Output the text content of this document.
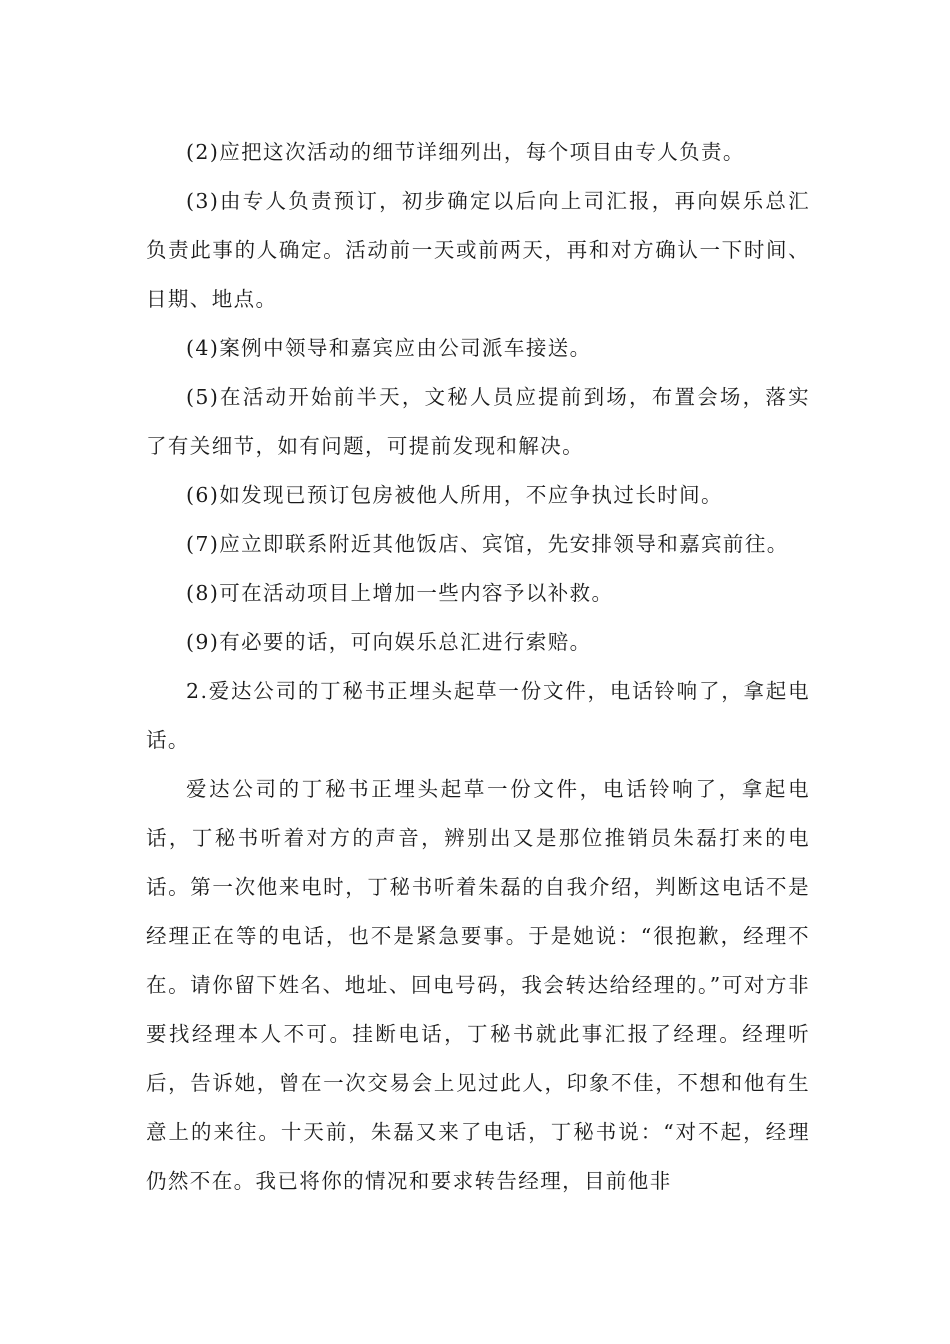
(2)应把这次活动的细节详细列出，每个项目由专人负责。

(3)由专人负责预订，初步确定以后向上司汇报，再向娱乐总汇负责此事的人确定。活动前一天或前两天，再和对方确认一下时间、日期、地点。

(4)案例中领导和嘉宾应由公司派车接送。

(5)在活动开始前半天，文秘人员应提前到场，布置会场，落实了有关细节，如有问题，可提前发现和解决。

(6)如发现已预订包房被他人所用，不应争执过长时间。

(7)应立即联系附近其他饭店、宾馆，先安排领导和嘉宾前往。

(8)可在活动项目上增加一些内容予以补救。

(9)有必要的话，可向娱乐总汇进行索赔。

2.爱达公司的丁秘书正埋头起草一份文件，电话铃响了，拿起电话。

爱达公司的丁秘书正埋头起草一份文件，电话铃响了，拿起电话，丁秘书听着对方的声音，辨别出又是那位推销员朱磊打来的电话。第一次他来电时，丁秘书听着朱磊的自我介绍，判断这电话不是经理正在等的电话，也不是紧急要事。于是她说：“很抱歉，经理不在。请你留下姓名、地址、回电号码，我会转达给经理的。”可对方非要找经理本人不可。挂断电话，丁秘书就此事汇报了经理。经理听后，告诉她，曾在一次交易会上见过此人，印象不佳，不想和他有生意上的来往。十天前，朱磊又来了电话，丁秘书说：“对不起，经理仍然不在。我已将你的情况和要求转告经理，目前他非
